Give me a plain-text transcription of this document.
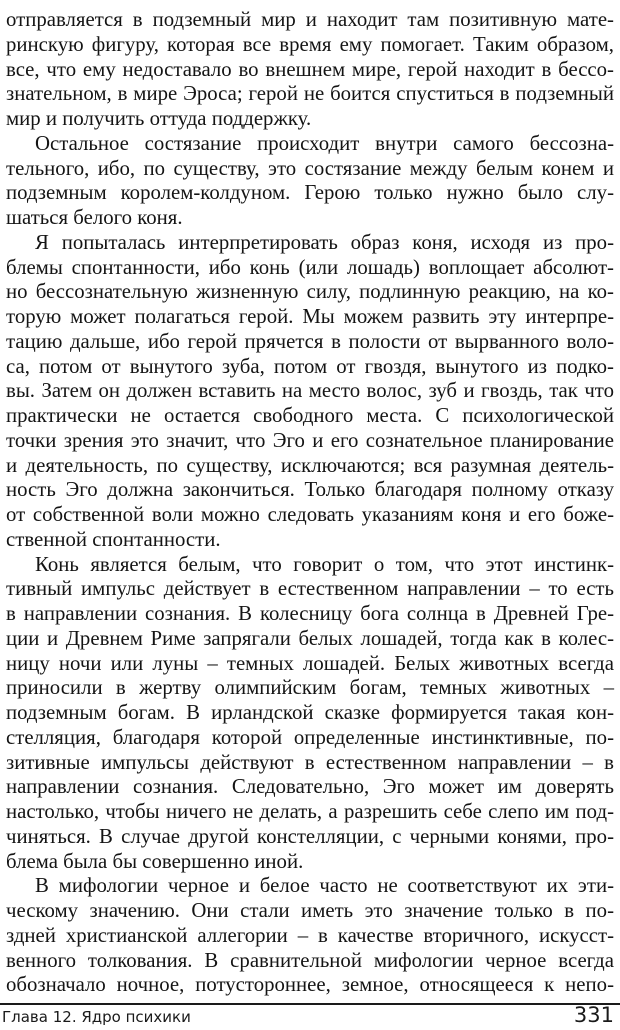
отправляется в подземный мир и находит там позитивную мате-
ринскую фигуру, которая все время ему помогает. Таким образом,
все, что ему недоставало во внешнем мире, герой находит в бессо-
знательном, в мире Эроса; герой не боится спуститься в подземный
мир и получить оттуда поддержку.
Остальное состязание происходит внутри самого бессозна-
тельного, ибо, по существу, это состязание между белым конем и
подземным королем-колдуном. Герою только нужно было слу-
шаться белого коня.
Я попыталась интерпретировать образ коня, исходя из про-
блемы спонтанности, ибо конь (или лошадь) воплощает абсолют-
но бессознательную жизненную силу, подлинную реакцию, на ко-
торую может полагаться герой. Мы можем развить эту интерпре-
тацию дальше, ибо герой прячется в полости от вырванного воло-
са, потом от вынутого зуба, потом от гвоздя, вынутого из подко-
вы. Затем он должен вставить на место волос, зуб и гвоздь, так что
практически не остается свободного места. С психологической
точки зрения это значит, что Эго и его сознательное планирование
и деятельность, по существу, исключаются; вся разумная деятель-
ность Эго должна закончиться. Только благодаря полному отказу
от собственной воли можно следовать указаниям коня и его боже-
ственной спонтанности.
Конь является белым, что говорит о том, что этот инстинк-
тивный импульс действует в естественном направлении – то есть
в направлении сознания. В колесницу бога солнца в Древней Гре-
ции и Древнем Риме запрягали белых лошадей, тогда как в колес-
ницу ночи или луны – темных лошадей. Белых животных всегда
приносили в жертву олимпийским богам, темных животных –
подземным богам. В ирландской сказке формируется такая кон-
стелляция, благодаря которой определенные инстинктивные, по-
зитивные импульсы действуют в естественном направлении – в
направлении сознания. Следовательно, Эго может им доверять
настолько, чтобы ничего не делать, а разрешить себе слепо им под-
чиняться. В случае другой констелляции, с черными конями, про-
блема была бы совершенно иной.
В мифологии черное и белое часто не соответствуют их эти-
ческому значению. Они стали иметь это значение только в по-
здней христианской аллегории – в качестве вторичного, искусст-
венного толкования. В сравнительной мифологии черное всегда
обозначало ночное, потустороннее, земное, относящееся к непо-
Глава 12. Ядро психики	331
